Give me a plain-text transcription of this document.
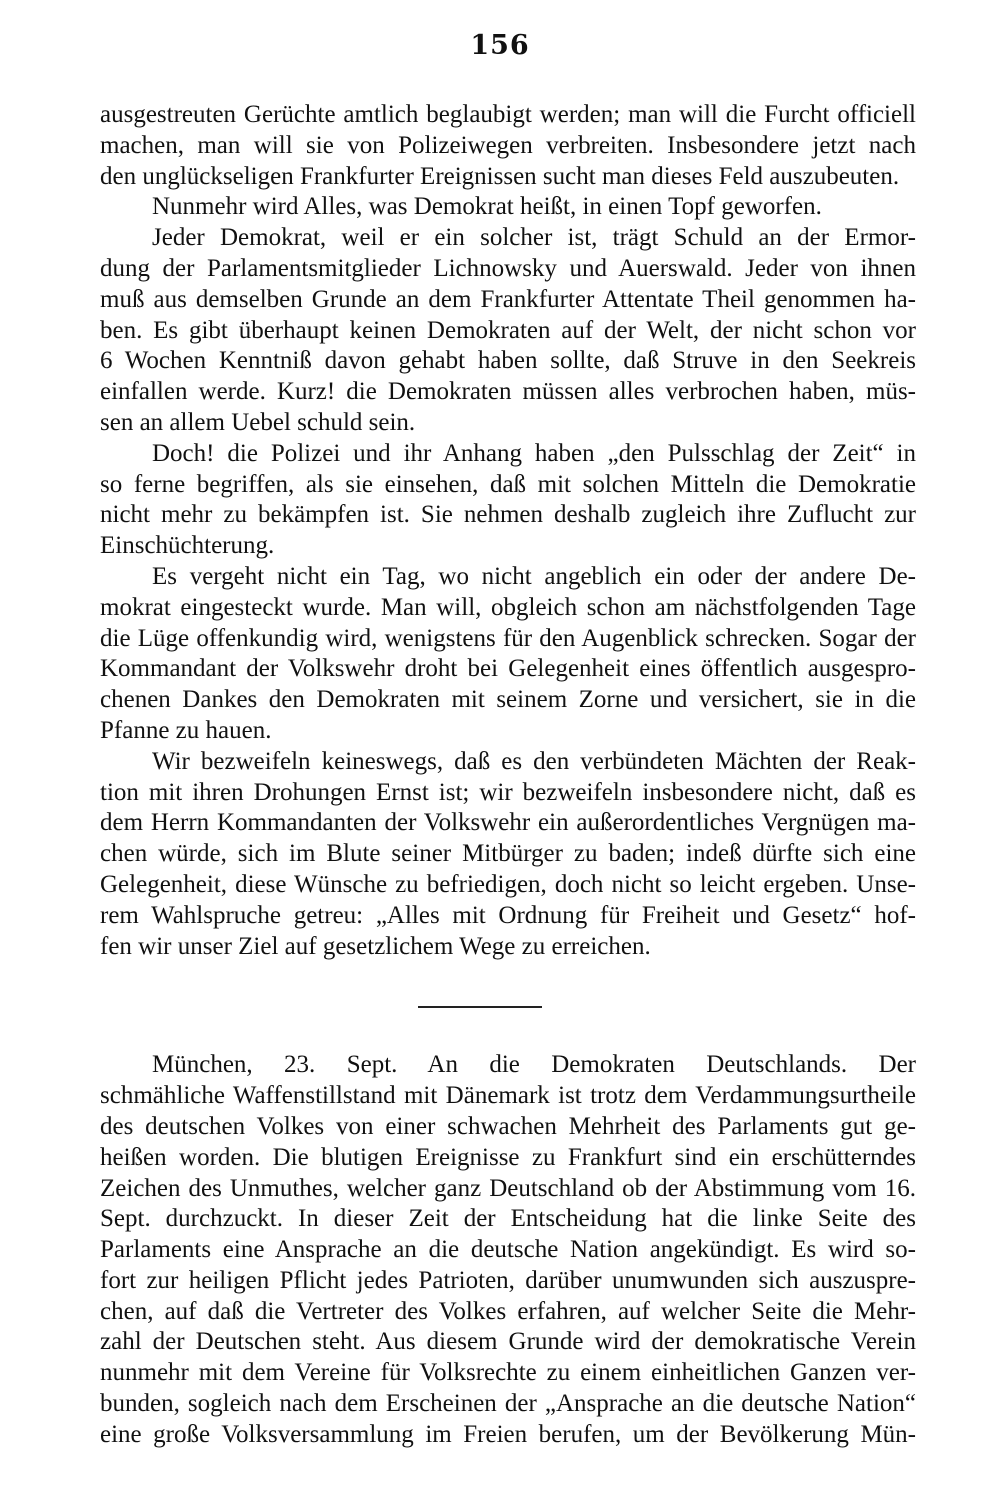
156
ausgestreuten Gerüchte amtlich beglaubigt werden; man will die Furcht officiell
machen, man will sie von Polizeiwegen verbreiten. Insbesondere jetzt nach
den unglückseligen Frankfurter Ereignissen sucht man dieses Feld auszubeuten.
Nunmehr wird Alles, was Demokrat heißt, in einen Topf geworfen.
Jeder Demokrat, weil er ein solcher ist, trägt Schuld an der Ermor-
dung der Parlamentsmitglieder Lichnowsky und Auerswald. Jeder von ihnen
muß aus demselben Grunde an dem Frankfurter Attentate Theil genommen ha-
ben. Es gibt überhaupt keinen Demokraten auf der Welt, der nicht schon vor
6 Wochen Kenntniß davon gehabt haben sollte, daß Struve in den Seekreis
einfallen werde. Kurz! die Demokraten müssen alles verbrochen haben, müs-
sen an allem Uebel schuld sein.
Doch! die Polizei und ihr Anhang haben „den Pulsschlag der Zeit“ in
so ferne begriffen, als sie einsehen, daß mit solchen Mitteln die Demokratie
nicht mehr zu bekämpfen ist. Sie nehmen deshalb zugleich ihre Zuflucht zur
Einschüchterung.
Es vergeht nicht ein Tag, wo nicht angeblich ein oder der andere De-
mokrat eingesteckt wurde. Man will, obgleich schon am nächstfolgenden Tage
die Lüge offenkundig wird, wenigstens für den Augenblick schrecken. Sogar der
Kommandant der Volkswehr droht bei Gelegenheit eines öffentlich ausgespro-
chenen Dankes den Demokraten mit seinem Zorne und versichert, sie in die
Pfanne zu hauen.
Wir bezweifeln keineswegs, daß es den verbündeten Mächten der Reak-
tion mit ihren Drohungen Ernst ist; wir bezweifeln insbesondere nicht, daß es
dem Herrn Kommandanten der Volkswehr ein außerordentliches Vergnügen ma-
chen würde, sich im Blute seiner Mitbürger zu baden; indeß dürfte sich eine
Gelegenheit, diese Wünsche zu befriedigen, doch nicht so leicht ergeben. Unse-
rem Wahlspruche getreu: „Alles mit Ordnung für Freiheit und Gesetz“ hof-
fen wir unser Ziel auf gesetzlichem Wege zu erreichen.
München, 23. Sept. An die Demokraten Deutschlands. Der
schmähliche Waffenstillstand mit Dänemark ist trotz dem Verdammungsurtheile
des deutschen Volkes von einer schwachen Mehrheit des Parlaments gut ge-
heißen worden. Die blutigen Ereignisse zu Frankfurt sind ein erschütterndes
Zeichen des Unmuthes, welcher ganz Deutschland ob der Abstimmung vom 16.
Sept. durchzuckt. In dieser Zeit der Entscheidung hat die linke Seite des
Parlaments eine Ansprache an die deutsche Nation angekündigt. Es wird so-
fort zur heiligen Pflicht jedes Patrioten, darüber unumwunden sich auszuspre-
chen, auf daß die Vertreter des Volkes erfahren, auf welcher Seite die Mehr-
zahl der Deutschen steht. Aus diesem Grunde wird der demokratische Verein
nunmehr mit dem Vereine für Volksrechte zu einem einheitlichen Ganzen ver-
bunden, sogleich nach dem Erscheinen der „Ansprache an die deutsche Nation“
eine große Volksversammlung im Freien berufen, um der Bevölkerung Mün-
